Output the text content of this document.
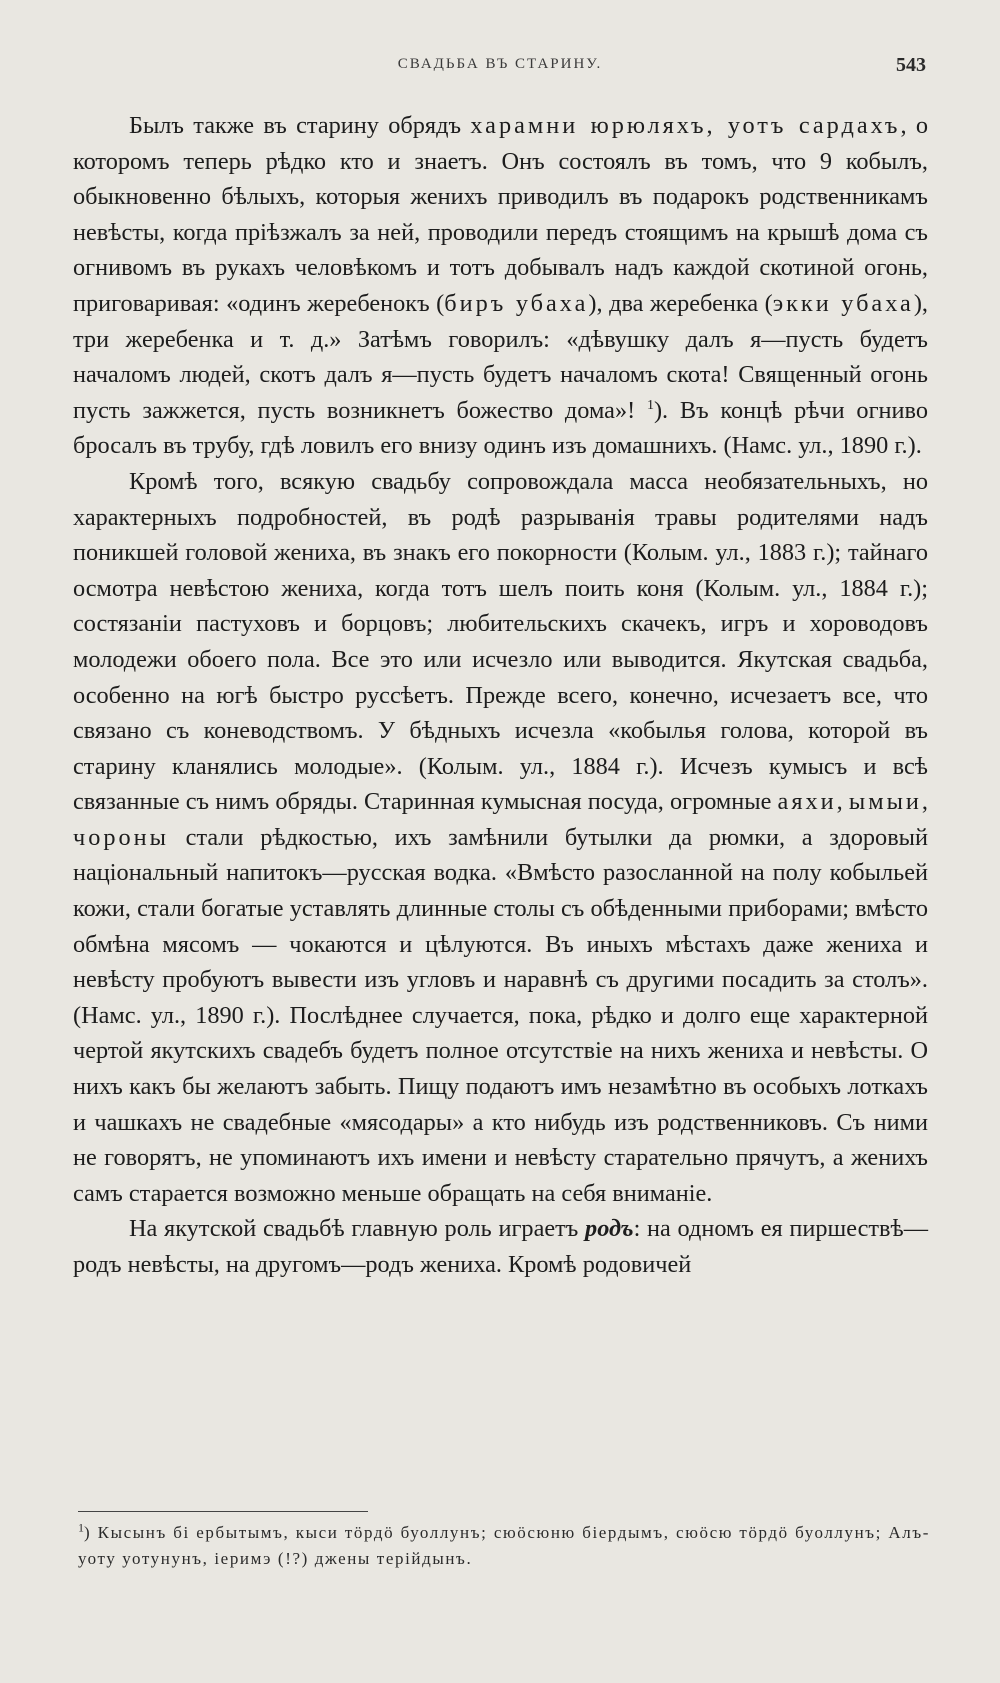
СВАДЬБА ВЪ СТАРИНУ.	543

Былъ также въ старину обрядъ харамни юрюляхъ, уотъ сардахъ, о которомъ теперь рѣдко кто и знаетъ. Онъ состоялъ въ томъ, что 9 кобылъ, обыкновенно бѣлыхъ, которыя женихъ приводилъ въ подарокъ родственникамъ невѣсты, когда пріѣзжалъ за ней, проводили передъ стоящимъ на крышѣ дома съ огнивомъ въ рукахъ человѣкомъ и тотъ добывалъ надъ каждой скотиной огонь, приговаривая: «одинъ жеребенокъ (биръ убаха), два жеребенка (экки убаха), три жеребенка и т. д.» Затѣмъ говорилъ: «дѣвушку далъ я—пусть будетъ началомъ людей, скотъ далъ я—пусть будетъ началомъ скота! Священный огонь пусть зажжется, пусть возникнетъ божество дома»! $^1$). Въ концѣ рѣчи огниво бросалъ въ трубу, гдѣ ловилъ его внизу одинъ изъ домашнихъ. (Намс. ул., 1890 г.).

Кромѣ того, всякую свадьбу сопровождала масса необязательныхъ, но характерныхъ подробностей, въ родѣ разрыванія травы родителями надъ поникшей головой жениха, въ знакъ его покорности (Колым. ул., 1883 г.); тайнаго осмотра невѣстою жениха, когда тотъ шелъ поить коня (Колым. ул., 1884 г.); состязаніи пастуховъ и борцовъ; любительскихъ скачекъ, игръ и хороводовъ молодежи обоего пола. Все это или исчезло или выводится. Якутская свадьба, особенно на югѣ быстро руссѣетъ. Прежде всего, конечно, исчезаетъ все, что связано съ коневодствомъ. У бѣдныхъ исчезла «кобылья голова, которой въ старину кланялись молодые». (Колым. ул., 1884 г.). Исчезъ кумысъ и всѣ связанные съ нимъ обряды. Старинная кумысная посуда, огромные аяхи, ымыи, чороны стали рѣдкостью, ихъ замѣнили бутылки да рюмки, а здоровый національный напитокъ—русская водка. «Вмѣсто разосланной на полу кобыльей кожи, стали богатые уставлять длинные столы съ обѣденными приборами; вмѣсто обмѣна мясомъ — чокаются и цѣлуются. Въ иныхъ мѣстахъ даже жениха и невѣсту пробуютъ вывести изъ угловъ и наравнѣ съ другими посадить за столъ». (Намс. ул., 1890 г.). Послѣднее случается, пока, рѣдко и долго еще характерной чертой якутскихъ свадебъ будетъ полное отсутствіе на нихъ жениха и невѣсты. О нихъ какъ бы желаютъ забыть. Пищу подаютъ имъ незамѣтно въ особыхъ лоткахъ и чашкахъ не свадебные «мясодары» а кто нибудь изъ родственниковъ. Съ ними не говорятъ, не упоминаютъ ихъ имени и невѣсту старательно прячутъ, а женихъ самъ старается возможно меньше обращать на себя вниманіе.

На якутской свадьбѣ главную роль играетъ родъ: на одномъ ея пиршествѣ—родъ невѣсты, на другомъ—родъ жениха. Кромѣ родовичей

$^1$) Кысынъ бі ербытымъ, кыси тӧрдӧ буоллунъ; сюӧсюню біердымъ, сюӧсю тӧрдӧ буоллунъ; Алъ-уоту уотунунъ, іеримэ (!?) джены терійдынъ.
